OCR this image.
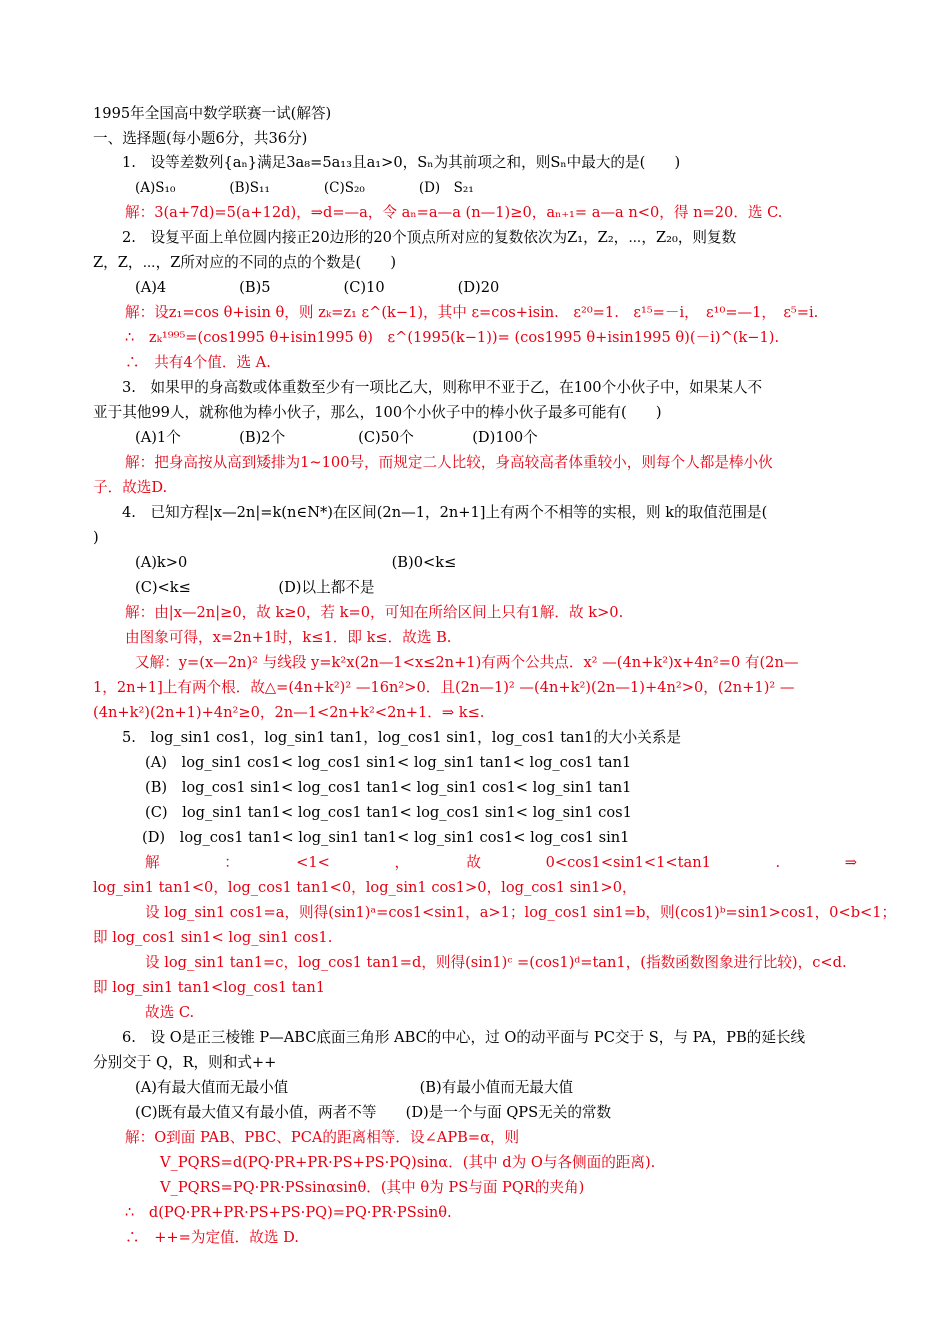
1995年全国高中数学联赛一试(解答)
一、选择题(每小题6分，共36分)
1.　设等差数列{aₙ}满足3a₈=5a₁₃且a₁>0，Sₙ为其前项之和，则Sₙ中最大的是(　　)
(A)S₁₀　　　　(B)S₁₁　　　　(C)S₂₀　　　　(D)　S₂₁
解：3(a+7d)=5(a+12d)，⇒d=—a，令 aₙ=a—a (n—1)≥0，aₙ₊₁= a—a n<0，得 n=20．选 C.
2.　设复平面上单位圆内接正20边形的20个顶点所对应的复数依次为Z₁，Z₂，⋯，Z₂₀，则复数
Z，Z，⋯，Z所对应的不同的点的个数是(　　)
(A)4　　　　　(B)5　　　　　(C)10　　　　　(D)20
解：设z₁=cos θ+isin θ，则 zₖ=z₁ ε^(k−1)，其中 ε=cos+isin.　ε²⁰=1.　ε¹⁵=－i，　ε¹⁰=—1，　ε⁵=i.
∴　zₖ¹⁹⁹⁵=(cos1995 θ+isin1995 θ)　ε^(1995(k−1))= (cos1995 θ+isin1995 θ)(－i)^(k−1).
∴　共有4个值．选 A.
3.　如果甲的身高数或体重数至少有一项比乙大，则称甲不亚于乙，在100个小伙子中，如果某人不
亚于其他99人，就称他为棒小伙子，那么，100个小伙子中的棒小伙子最多可能有(　　)
(A)1个　　　　(B)2个　　　　　(C)50个　　　　(D)100个
解：把身高按从高到矮排为1~100号，而规定二人比较，身高较高者体重较小，则每个人都是棒小伙
子．故选D.
4.　已知方程|x—2n|=k(n∈N*)在区间(2n—1，2n+1]上有两个不相等的实根，则 k的取值范围是(
)
(A)k>0　　　　　　　　　　　　　　(B)0<k≤
(C)<k≤　　　　　　(D)以上都不是
解：由|x—2n|≥0，故 k≥0，若 k=0，可知在所给区间上只有1解．故 k>0.
由图象可得，x=2n+1时，k≤1．即 k≤．故选 B.
又解：y=(x—2n)² 与线段 y=k²x(2n—1<x≤2n+1)有两个公共点．x² —(4n+k²)x+4n²=0 有(2n—
1，2n+1]上有两个根．故△=(4n+k²)² —16n²>0．且(2n—1)² —(4n+k²)(2n—1)+4n²>0，(2n+1)² —
(4n+k²)(2n+1)+4n²≥0，2n—1<2n+k²<2n+1．⇒ k≤.
5.　log_sin1 cos1，log_sin1 tan1，log_cos1 sin1，log_cos1 tan1的大小关系是
(A)　log_sin1 cos1< log_cos1 sin1< log_sin1 tan1< log_cos1 tan1
(B)　log_cos1 sin1< log_cos1 tan1< log_sin1 cos1< log_sin1 tan1
(C)　log_sin1 tan1< log_cos1 tan1< log_cos1 sin1< log_sin1 cos1
(D)　log_cos1 tan1< log_sin1 tan1< log_sin1 cos1< log_cos1 sin1
解　：　<1<　，　故　0<cos1<sin1<1<tan1　.　⇒
log_sin1 tan1<0，log_cos1 tan1<0，log_sin1 cos1>0，log_cos1 sin1>0，
设 log_sin1 cos1=a，则得(sin1)ᵃ=cos1<sin1，a>1；log_cos1 sin1=b，则(cos1)ᵇ=sin1>cos1，0<b<1；
即 log_cos1 sin1< log_sin1 cos1.
设 log_sin1 tan1=c，log_cos1 tan1=d，则得(sin1)ᶜ =(cos1)ᵈ=tan1，(指数函数图象进行比较)，c<d.
即 log_sin1 tan1<log_cos1 tan1
故选 C.
6.　设 O是正三棱锥 P—ABC底面三角形 ABC的中心，过 O的动平面与 PC交于 S，与 PA，PB的延长线
分别交于 Q，R，则和式++
(A)有最大值而无最小值　　　　　　　　　(B)有最小值而无最大值
(C)既有最大值又有最小值，两者不等　　(D)是一个与面 QPS无关的常数
解：O到面 PAB、PBC、PCA的距离相等．设∠APB=α，则
V_PQRS=d(PQ·PR+PR·PS+PS·PQ)sinα．(其中 d为 O与各侧面的距离).
V_PQRS=PQ·PR·PSsinαsinθ．(其中 θ为 PS与面 PQR的夹角)
∴　d(PQ·PR+PR·PS+PS·PQ)=PQ·PR·PSsinθ.
∴　++=为定值．故选 D.
